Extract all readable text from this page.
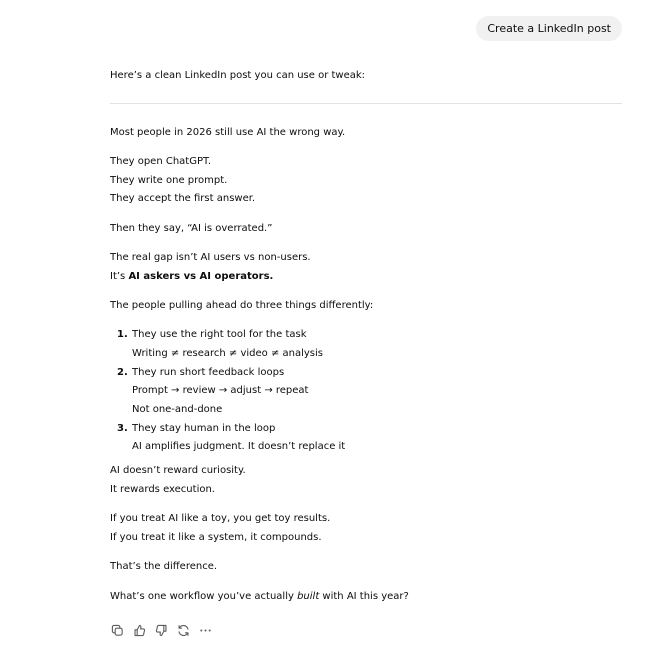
Create a LinkedIn post
Here’s a clean LinkedIn post you can use or tweak:
Most people in 2026 still use AI the wrong way.
They open ChatGPT.
They write one prompt.
They accept the first answer.
Then they say, “AI is overrated.”
The real gap isn’t AI users vs non-users.
It’s AI askers vs AI operators.
The people pulling ahead do three things differently:
1. They use the right tool for the task
Writing ≠ research ≠ video ≠ analysis
2. They run short feedback loops
Prompt → review → adjust → repeat
Not one-and-done
3. They stay human in the loop
AI amplifies judgment. It doesn’t replace it
AI doesn’t reward curiosity.
It rewards execution.
If you treat AI like a toy, you get toy results.
If you treat it like a system, it compounds.
That’s the difference.
What’s one workflow you’ve actually built with AI this year?
